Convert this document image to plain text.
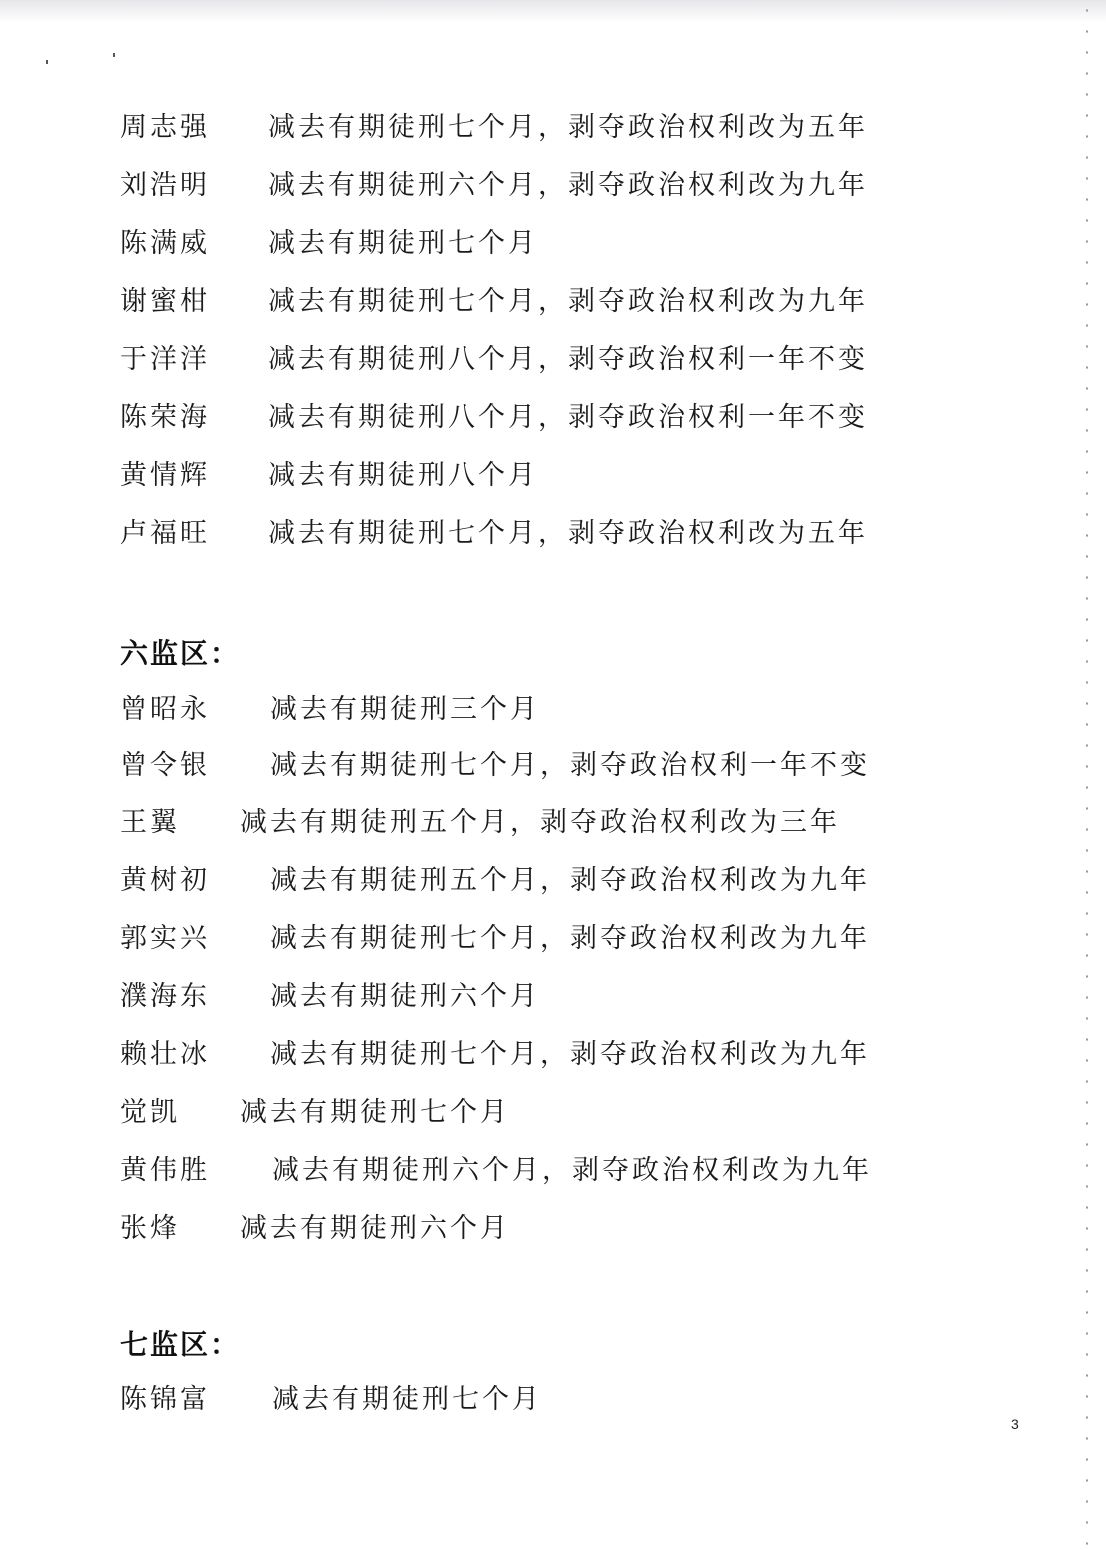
周志强 减去有期徒刑七个月，剥夺政治权利改为五年
刘浩明 减去有期徒刑六个月，剥夺政治权利改为九年
陈满威 减去有期徒刑七个月
谢蜜柑 减去有期徒刑七个月，剥夺政治权利改为九年
于洋洋 减去有期徒刑八个月，剥夺政治权利一年不变
陈荣海 减去有期徒刑八个月，剥夺政治权利一年不变
黄情辉 减去有期徒刑八个月
卢福旺 减去有期徒刑七个月，剥夺政治权利改为五年
六监区：
曾昭永 减去有期徒刑三个月
曾令银 减去有期徒刑七个月，剥夺政治权利一年不变
王翼 减去有期徒刑五个月，剥夺政治权利改为三年
黄树初 减去有期徒刑五个月，剥夺政治权利改为九年
郭实兴 减去有期徒刑七个月，剥夺政治权利改为九年
濮海东 减去有期徒刑六个月
赖壮冰 减去有期徒刑七个月，剥夺政治权利改为九年
觉凯 减去有期徒刑七个月
黄伟胜 减去有期徒刑六个月，剥夺政治权利改为九年
张烽 减去有期徒刑六个月
七监区：
陈锦富 减去有期徒刑七个月
3
